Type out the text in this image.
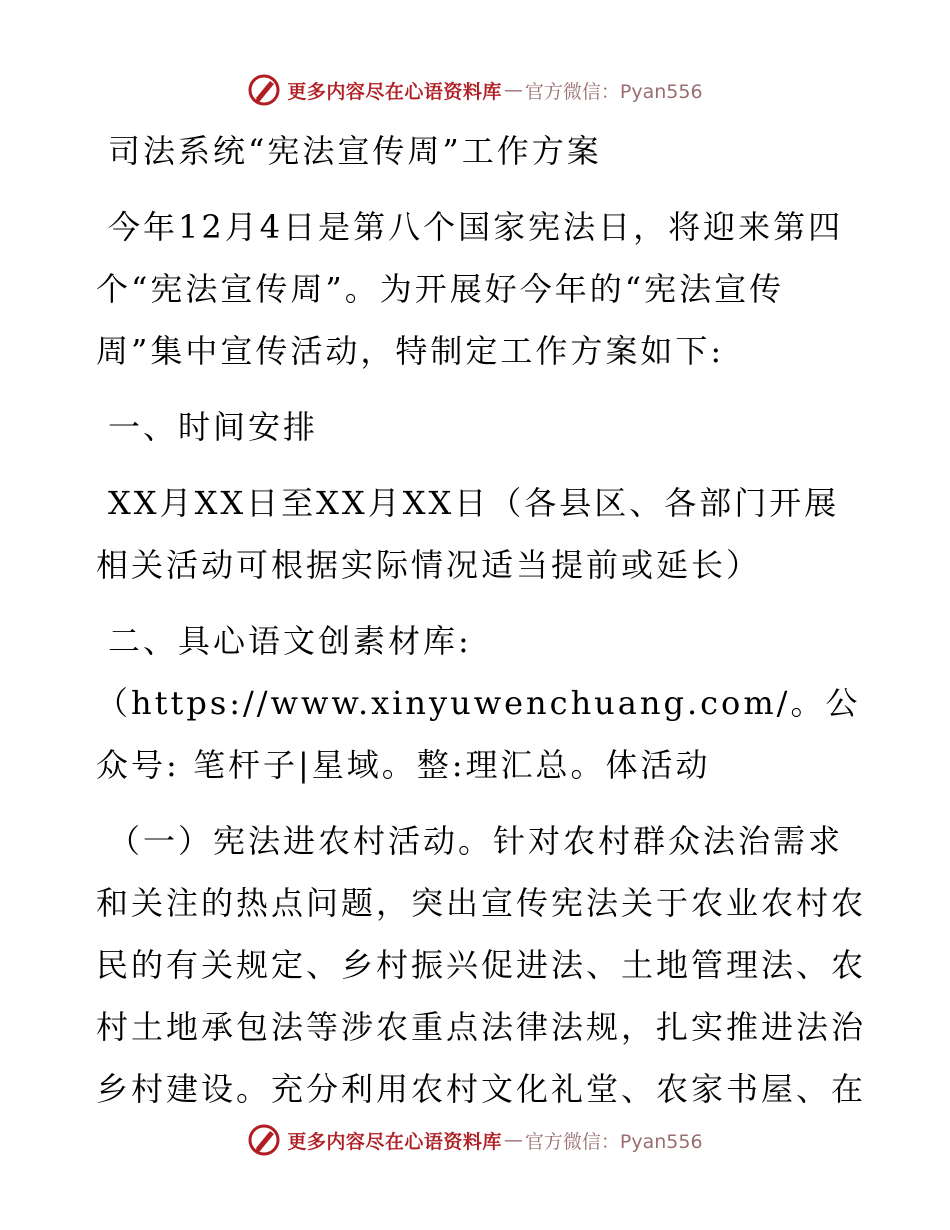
更多内容尽在心语资料库 — 官方微信：Pyan556

司法系统“宪法宣传周”工作方案

今年12月4日是第八个国家宪法日，将迎来第四个“宪法宣传周”。为开展好今年的“宪法宣传周”集中宣传活动，特制定工作方案如下:

一、时间安排

XX月XX日至XX月XX日（各县区、各部门开展相关活动可根据实际情况适当提前或延长）

二、具心语文创素材库: （https://www.xinyuwenchuang.com/。公众号: 笔杆子|星域。整:理汇总。体活动

（一）宪法进农村活动。针对农村群众法治需求和关注的热点问题，突出宣传宪法关于农业农村农民的有关规定、乡村振兴促进法、土地管理法、农村土地承包法等涉农重点法律法规，扎实推进法治乡村建设。充分利用农村文化礼堂、农家书屋、在

更多内容尽在心语资料库 — 官方微信：Pyan556
